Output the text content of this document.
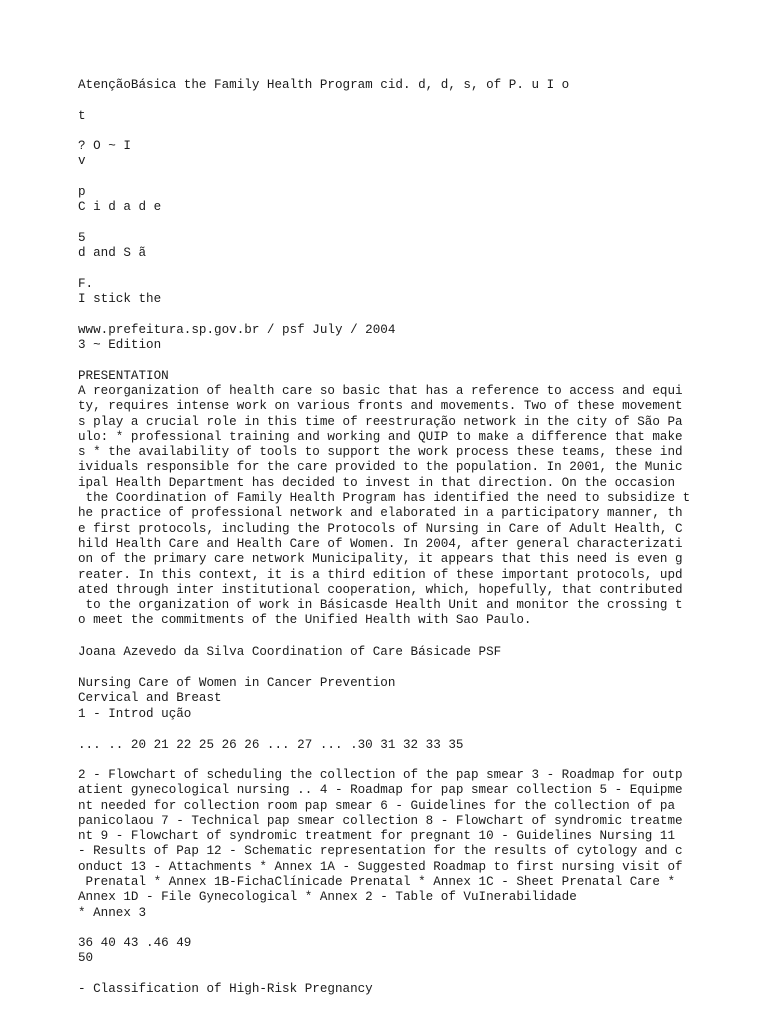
AtençãoBásica the Family Health Program cid. d, d, s, of P. u I o

t

? O ~ I
v

p
C i d a d e

5
d and S ã

F.
I stick the

www.prefeitura.sp.gov.br / psf July / 2004
3 ~ Edition

PRESENTATION

A reorganization of health care so basic that has a reference to access and equi
ty, requires intense work on various fronts and movements. Two of these movement
s play a crucial role in this time of reestruração network in the city of São Pa
ulo: * professional training and working and QUIP to make a difference that make
s * the availability of tools to support the work process these teams, these ind
ividuals responsible for the care provided to the population. In 2001, the Munic
ipal Health Department has decided to invest in that direction. On the occasion
the Coordination of Family Health Program has identified the need to subsidize t
he practice of professional network and elaborated in a participatory manner, th
e first protocols, including the Protocols of Nursing in Care of Adult Health, C
hild Health Care and Health Care of Women. In 2004, after general characterizati
on of the primary care network Municipality, it appears that this need is even g
reater. In this context, it is a third edition of these important protocols, upd
ated through inter institutional cooperation, which, hopefully, that contributed
to the organization of work in Básicasde Health Unit and monitor the crossing t
o meet the commitments of the Unified Health with Sao Paulo.

Joana Azevedo da Silva Coordination of Care Básicade PSF

Nursing Care of Women in Cancer Prevention
Cervical and Breast
1 - Introd ução

... .. 20 21 22 25 26 26 ... 27 ... .30 31 32 33 35

2 - Flowchart of scheduling the collection of the pap smear 3 - Roadmap for outp
atient gynecological nursing .. 4 - Roadmap for pap smear collection 5 - Equipme
nt needed for collection room pap smear 6 - Guidelines for the collection of pa
panicolaou 7 - Technical pap smear collection 8 - Flowchart of syndromic treatme
nt 9 - Flowchart of syndromic treatment for pregnant 10 - Guidelines Nursing 11
- Results of Pap 12 - Schematic representation for the results of cytology and c
onduct 13 - Attachments * Annex 1A - Suggested Roadmap to first nursing visit of
Prenatal * Annex 1B-FichaClínicade Prenatal * Annex 1C - Sheet Prenatal Care *
Annex 1D - File Gynecological * Annex 2 - Table of VuInerabilidade
* Annex 3

36 40 43 .46 49
50

- Classification of High-Risk Pregnancy
